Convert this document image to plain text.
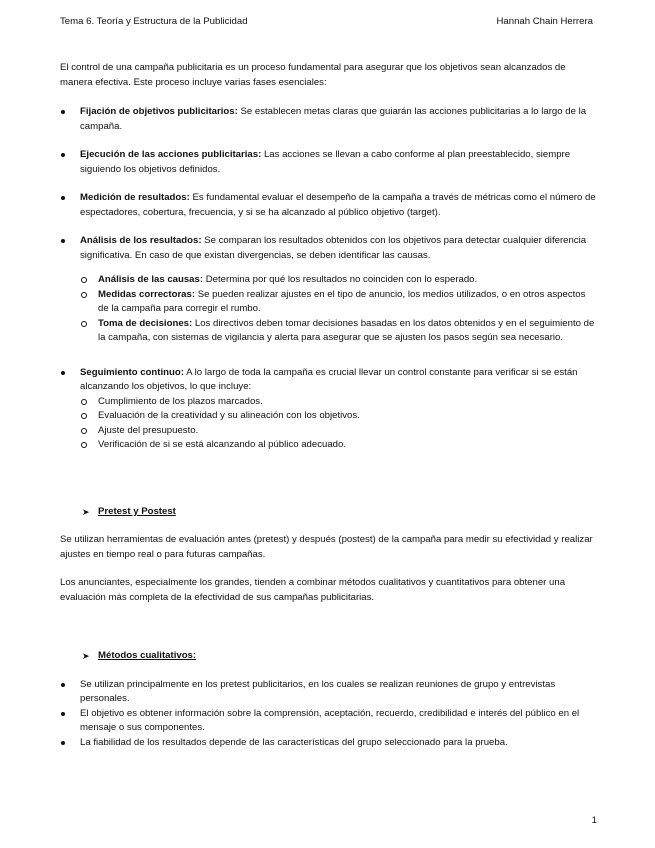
Tema 6. Teoría y Estructura de la Publicidad	Hannah Chain Herrera

El control de una campaña publicitaria es un proceso fundamental para asegurar que los objetivos sean alcanzados de manera efectiva. Este proceso incluye varias fases esenciales:

Fijación de objetivos publicitarios: Se establecen metas claras que guiarán las acciones publicitarias a lo largo de la campaña.
Ejecución de las acciones publicitarias: Las acciones se llevan a cabo conforme al plan preestablecido, siempre siguiendo los objetivos definidos.
Medición de resultados: Es fundamental evaluar el desempeño de la campaña a través de métricas como el número de espectadores, cobertura, frecuencia, y si se ha alcanzado al público objetivo (target).
Análisis de los resultados: Se comparan los resultados obtenidos con los objetivos para detectar cualquier diferencia significativa. En caso de que existan divergencias, se deben identificar las causas.
Análisis de las causas: Determina por qué los resultados no coinciden con lo esperado.
Medidas correctoras: Se pueden realizar ajustes en el tipo de anuncio, los medios utilizados, o en otros aspectos de la campaña para corregir el rumbo.
Toma de decisiones: Los directivos deben tomar decisiones basadas en los datos obtenidos y en el seguimiento de la campaña, con sistemas de vigilancia y alerta para asegurar que se ajusten los pasos según sea necesario.
Seguimiento continuo: A lo largo de toda la campaña es crucial llevar un control constante para verificar si se están alcanzando los objetivos, lo que incluye:
Cumplimiento de los plazos marcados.
Evaluación de la creatividad y su alineación con los objetivos.
Ajuste del presupuesto.
Verificación de si se está alcanzando al público adecuado.
➤ Pretest y Postest

Se utilizan herramientas de evaluación antes (pretest) y después (postest) de la campaña para medir su efectividad y realizar ajustes en tiempo real o para futuras campañas.

Los anunciantes, especialmente los grandes, tienden a combinar métodos cualitativos y cuantitativos para obtener una evaluación más completa de la efectividad de sus campañas publicitarias.

➤ Métodos cualitativos:
Se utilizan principalmente en los pretest publicitarios, en los cuales se realizan reuniones de grupo y entrevistas personales.
El objetivo es obtener información sobre la comprensión, aceptación, recuerdo, credibilidad e interés del público en el mensaje o sus componentes.
La fiabilidad de los resultados depende de las características del grupo seleccionado para la prueba.
1
